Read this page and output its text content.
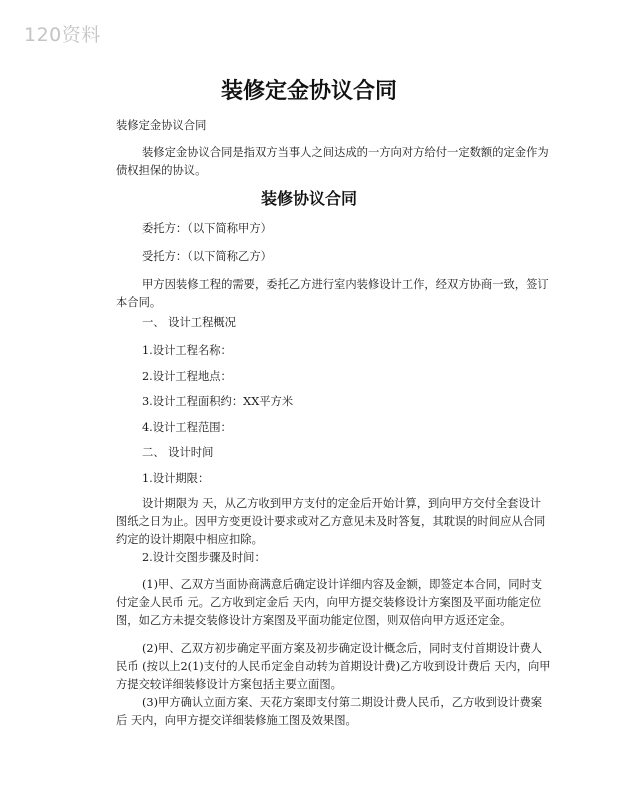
120资料
装修定金协议合同

装修定金协议合同

装修定金协议合同是指双方当事人之间达成的一方向对方给付一定数额的定金作为债权担保的协议。

装修协议合同

委托方：（以下简称甲方）

受托方：（以下简称乙方）

甲方因装修工程的需要，委托乙方进行室内装修设计工作，经双方协商一致，签订本合同。

一、 设计工程概况

1.设计工程名称：

2.设计工程地点：

3.设计工程面积约：XX平方米

4.设计工程范围：

二、 设计时间

1.设计期限：

设计期限为 天，从乙方收到甲方支付的定金后开始计算，到向甲方交付全套设计图纸之日为止。因甲方变更设计要求或对乙方意见未及时答复，其耽误的时间应从合同约定的设计期限中相应扣除。

2.设计交图步骤及时间：

(1)甲、乙双方当面协商满意后确定设计详细内容及金额，即签定本合同，同时支付定金人民币 元。乙方收到定金后 天内，向甲方提交装修设计方案图及平面功能定位图，如乙方未提交装修设计方案图及平面功能定位图，则双倍向甲方返还定金。

(2)甲、乙双方初步确定平面方案及初步确定设计概念后，同时支付首期设计费人民币 (按以上2(1)支付的人民币定金自动转为首期设计费)乙方收到设计费后 天内，向甲方提交较详细装修设计方案包括主要立面图。

(3)甲方确认立面方案、天花方案即支付第二期设计费人民币，乙方收到设计费案后 天内，向甲方提交详细装修施工图及效果图。
